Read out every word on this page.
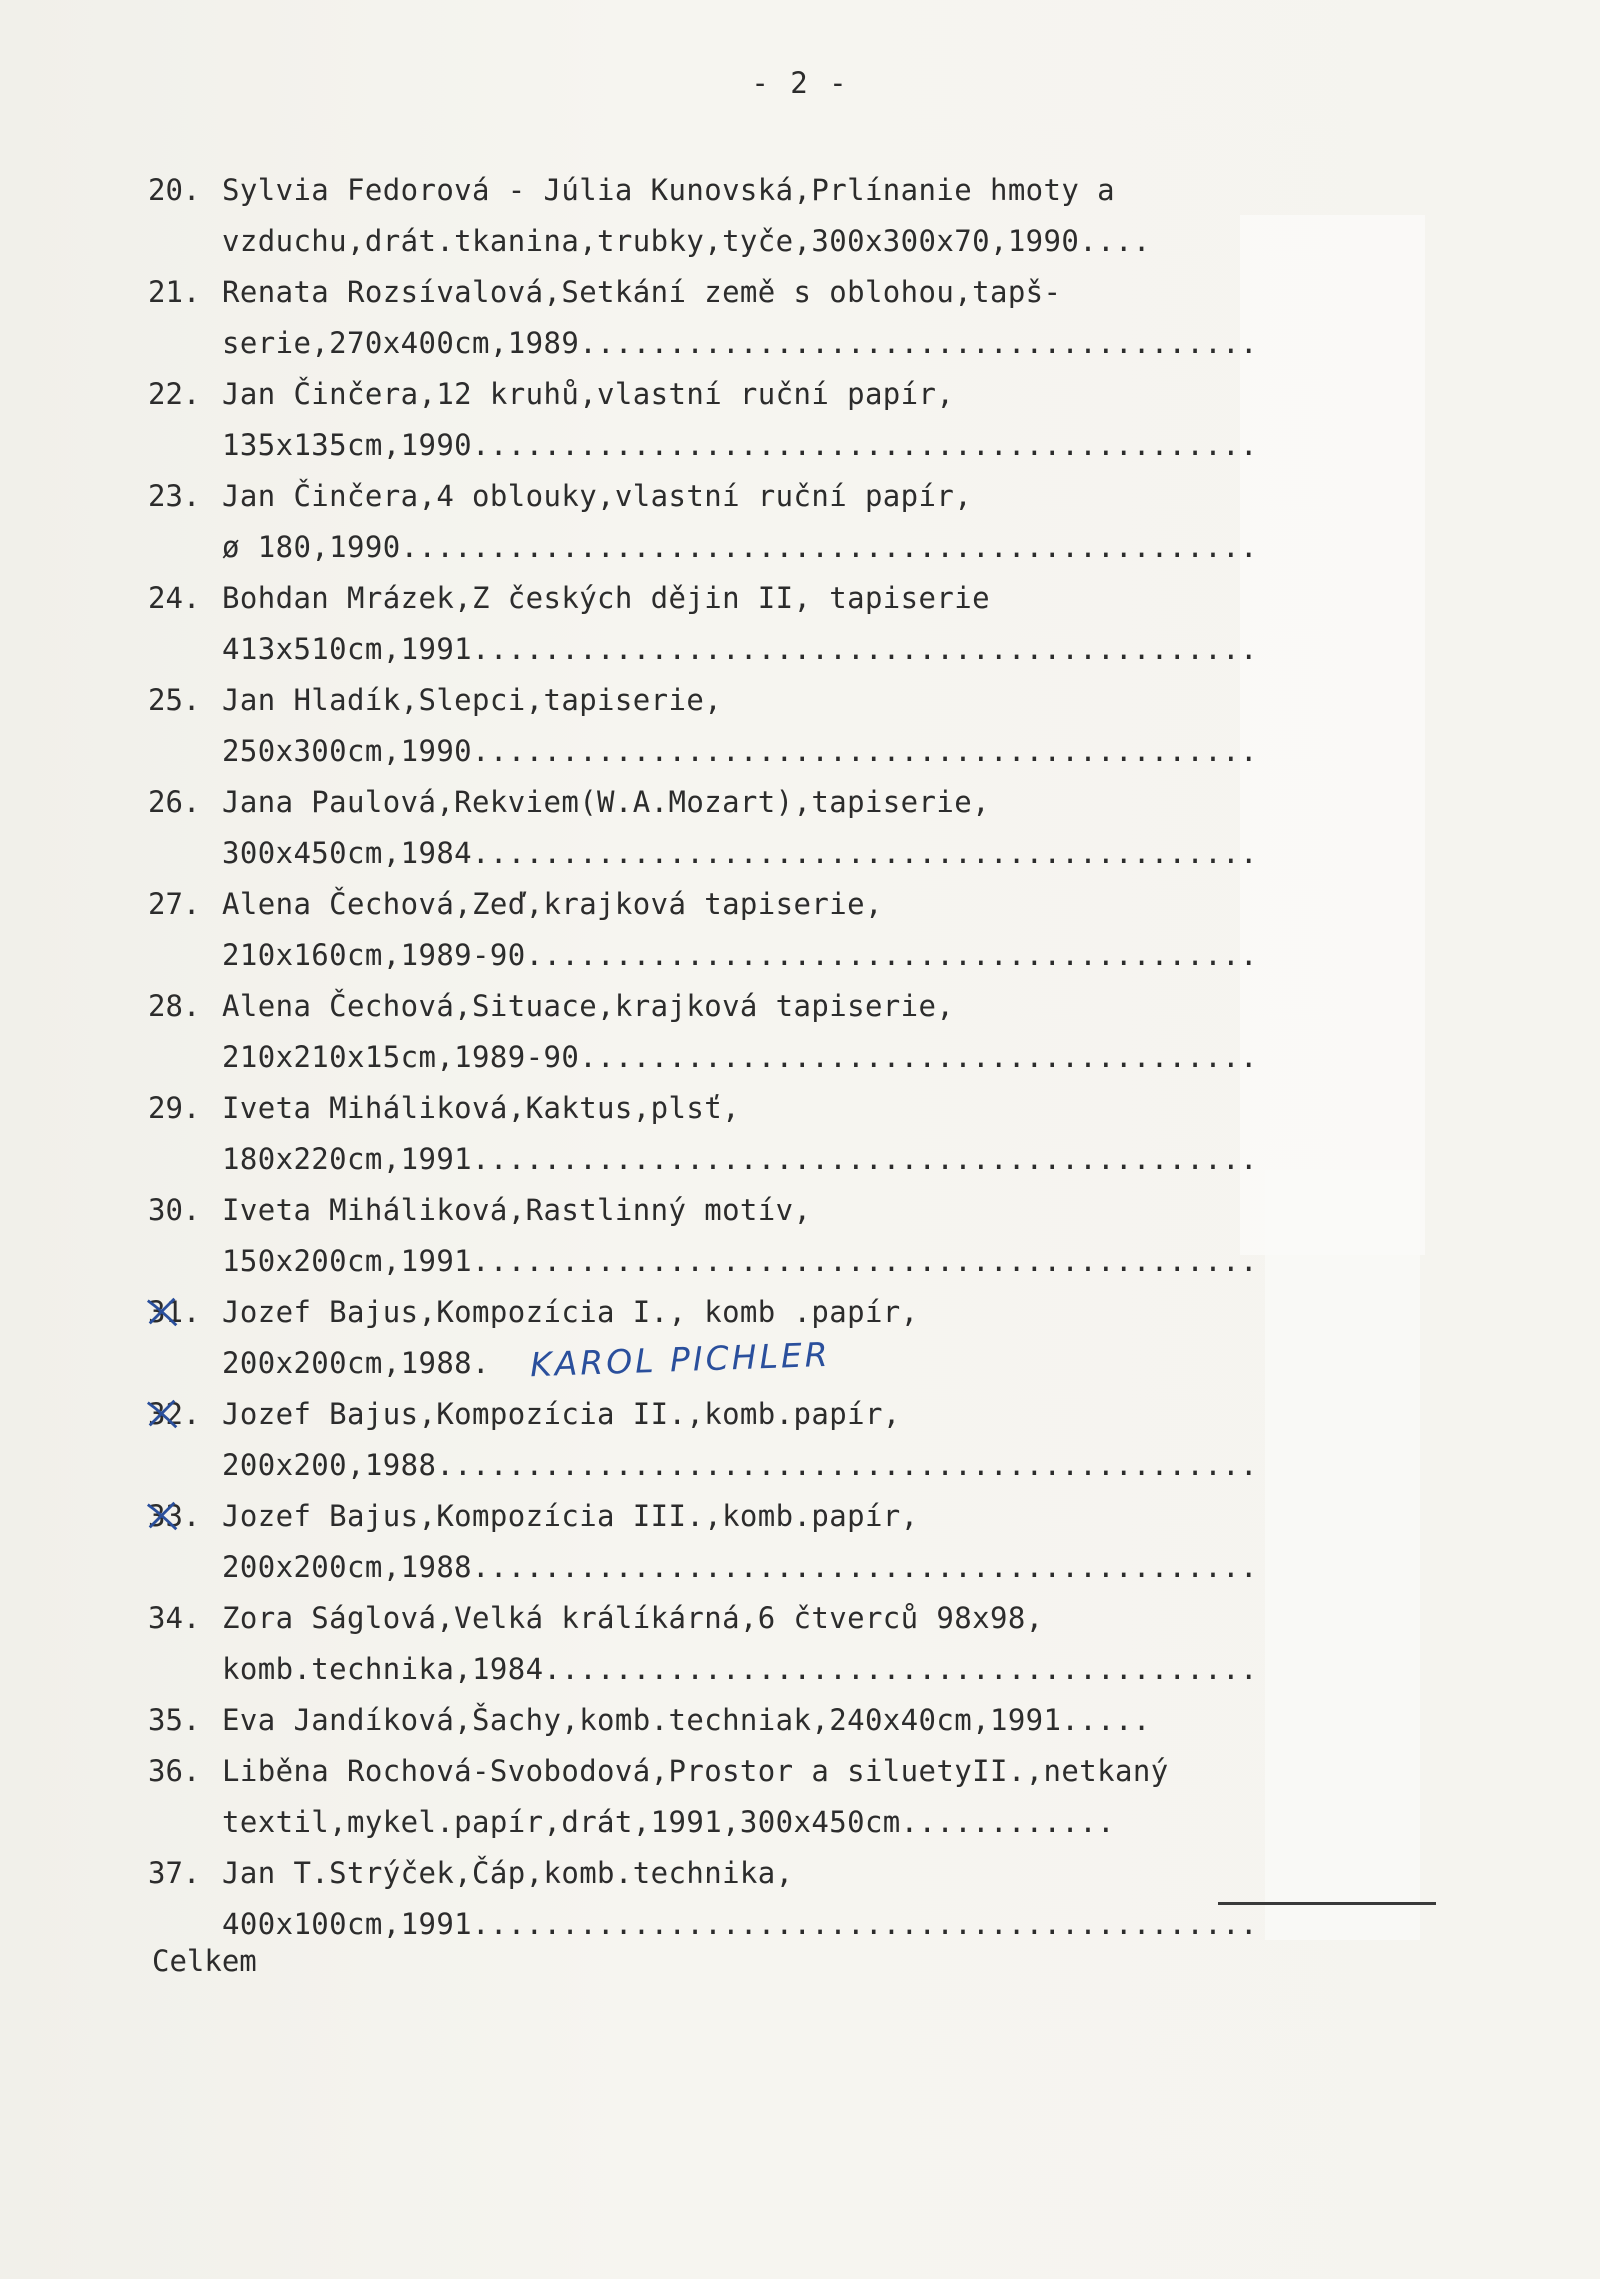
- 2 -
20. Sylvia Fedorová - Júlia Kunovská,Prlínanie hmoty a
vzduchu,drát.tkanina,trubky,tyče,300x300x70,1990....
21. Renata Rozsívalová,Setkání země s oblohou,tapš-
serie,270x400cm,1989......................................
22. Jan Činčera,12 kruhů,vlastní ruční papír,
135x135cm,1990............................................
23. Jan Činčera,4 oblouky,vlastní ruční papír,
ø 180,1990................................................
24. Bohdan Mrázek,Z českých dějin II, tapiserie
413x510cm,1991............................................
25. Jan Hladík,Slepci,tapiserie,
250x300cm,1990............................................
26. Jana Paulová,Rekviem(W.A.Mozart),tapiserie,
300x450cm,1984............................................
27. Alena Čechová,Zeď,krajková tapiserie,
210x160cm,1989-90.........................................
28. Alena Čechová,Situace,krajková tapiserie,
210x210x15cm,1989-90......................................
29. Iveta Miháliková,Kaktus,plsť,
180x220cm,1991............................................
30. Iveta Miháliková,Rastlinný motív,
150x200cm,1991............................................
31. Jozef Bajus,Kompozícia I., komb .papír,
200x200cm,1988.	KAROL PICHLER
32. Jozef Bajus,Kompozícia II.,komb.papír,
200x200,1988..............................................
33. Jozef Bajus,Kompozícia III.,komb.papír,
200x200cm,1988............................................
34. Zora Ságlová,Velká králíkárná,6 čtverců 98x98,
komb.technika,1984........................................
35. Eva Jandíková,Šachy,komb.techniak,240x40cm,1991.....
36. Liběna Rochová-Svobodová,Prostor a siluetyII.,netkaný
textil,mykel.papír,drát,1991,300x450cm............
37. Jan T.Strýček,Čáp,komb.technika,
400x100cm,1991............................................
Celkem
